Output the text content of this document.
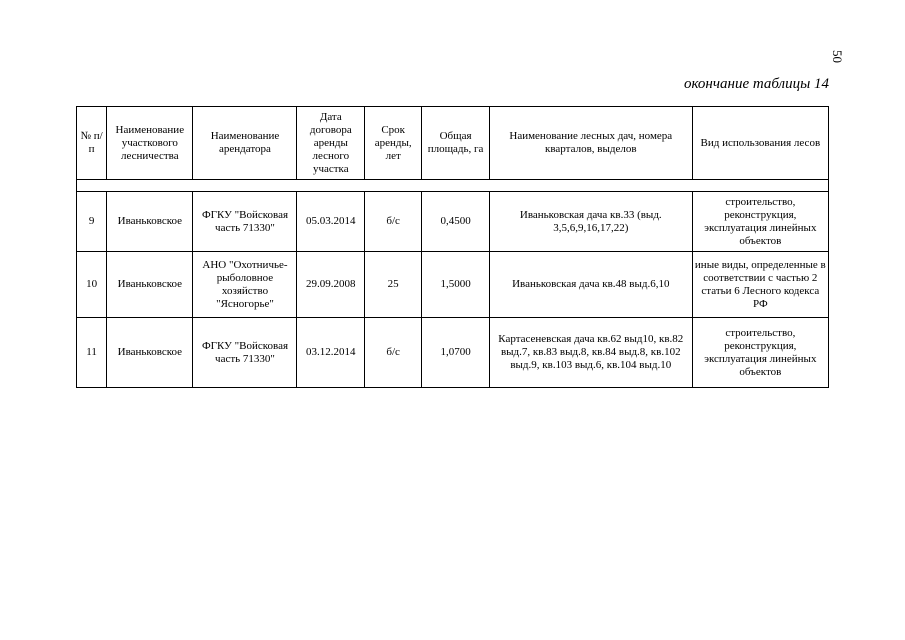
50
окончание таблицы 14
№ п/п	Наименование участкового лесничества	Наименование арендатора	Дата договора аренды лесного участка	Срок аренды, лет	Общая площадь, га	Наименование лесных дач, номера кварталов, выделов	Вид использования лесов

9	Иваньковское	ФГКУ "Войсковая часть 71330"	05.03.2014	б/с	0,4500	Иваньковская дача кв.33 (выд. 3,5,6,9,16,17,22)	строительство, реконструкция, эксплуатация линейных объектов
10	Иваньковское	АНО "Охотничье-рыболовное хозяйство "Ясногорье"	29.09.2008	25	1,5000	Иваньковская дача кв.48 выд.6,10	иные виды, определенные в соответствии с частью 2 статьи 6 Лесного кодекса РФ
11	Иваньковское	ФГКУ "Войсковая часть 71330"	03.12.2014	б/с	1,0700	Картасеневская дача кв.62 выд10, кв.82 выд.7, кв.83 выд.8, кв.84 выд.8, кв.102 выд.9, кв.103 выд.6, кв.104 выд.10	строительство, реконструкция, эксплуатация линейных объектов
